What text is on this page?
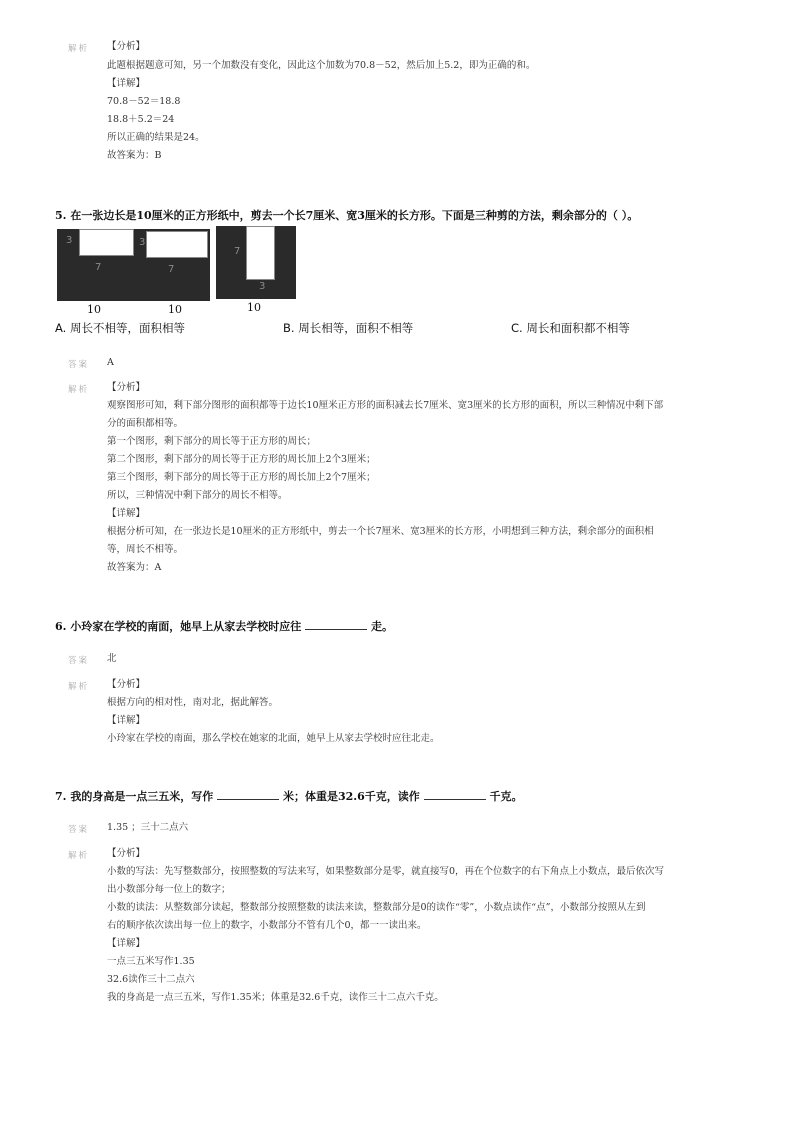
解析 【分析】
此题根据题意可知，另一个加数没有变化，因此这个加数为70.8－52，然后加上5.2，即为正确的和。
【详解】
70.8－52＝18.8
18.8＋5.2＝24
所以正确的结果是24。
故答案为：B
5. 在一张边长是10厘米的正方形纸中，剪去一个长7厘米、宽3厘米的长方形。下面是三种剪的方法，剩余部分的（ ）。
3
7
10
3
7
10
7
3
10
A. 周长不相等，面积相等	B. 周长相等，面积不相等	C. 周长和面积都不相等
答案 A
解析 【分析】
观察图形可知，剩下部分图形的面积都等于边长10厘米正方形的面积减去长7厘米、宽3厘米的长方形的面积，所以三种情况中剩下部
分的面积都相等。
第一个图形，剩下部分的周长等于正方形的周长；
第二个图形，剩下部分的周长等于正方形的周长加上2个3厘米；
第三个图形，剩下部分的周长等于正方形的周长加上2个7厘米；
所以，三种情况中剩下部分的周长不相等。
【详解】
根据分析可知，在一张边长是10厘米的正方形纸中，剪去一个长7厘米、宽3厘米的长方形，小明想到三种方法，剩余部分的面积相
等，周长不相等。
故答案为：A
6. 小玲家在学校的南面，她早上从家去学校时应往	走。
答案 北
解析 【分析】
根据方向的相对性，南对北，据此解答。
【详解】
小玲家在学校的南面，那么学校在她家的北面，她早上从家去学校时应往北走。
7. 我的身高是一点三五米，写作	米；体重是32.6千克，读作	千克。
答案 1.35 ；三十二点六
解析 【分析】
小数的写法：先写整数部分，按照整数的写法来写，如果整数部分是零，就直接写0，再在个位数字的右下角点上小数点，最后依次写
出小数部分每一位上的数字；
小数的读法：从整数部分读起，整数部分按照整数的读法来读，整数部分是0的读作“零”，小数点读作“点”，小数部分按照从左到
右的顺序依次读出每一位上的数字，小数部分不管有几个0，都一一读出来。
【详解】
一点三五米写作1.35
32.6读作三十二点六
我的身高是一点三五米，写作1.35米；体重是32.6千克，读作三十二点六千克。
